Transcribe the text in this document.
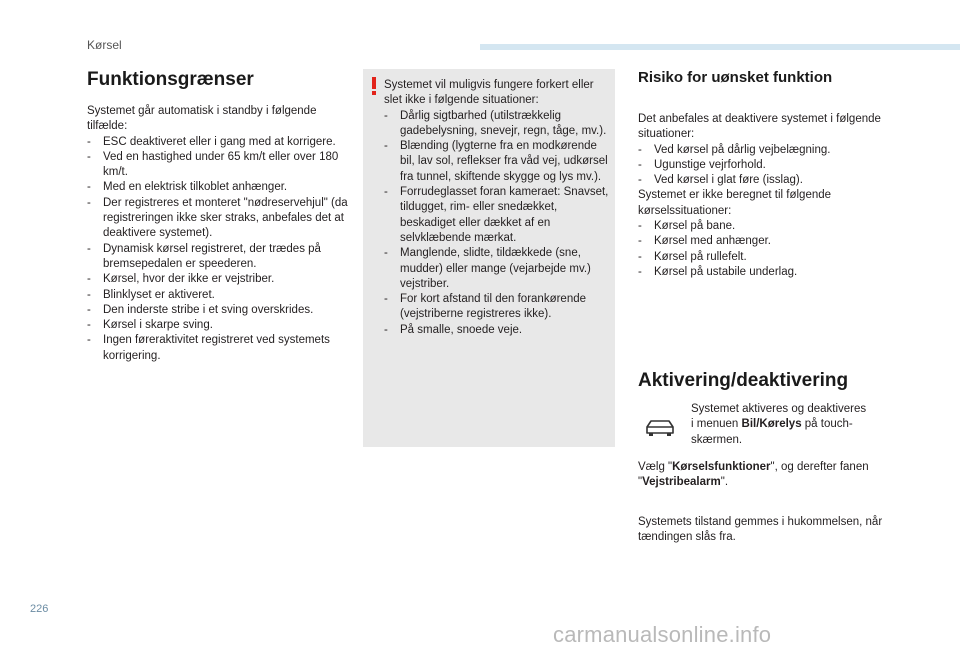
Kørsel
Funktionsgrænser

Systemet går automatisk i standby i følgende tilfælde:

- ESC deaktiveret eller i gang med at korrigere.
- Ved en hastighed under 65 km/t eller over 180 km/t.
- Med en elektrisk tilkoblet anhænger.
- Der registreres et monteret "nødreservehjul" (da registreringen ikke sker straks, anbefales det at deaktivere systemet).
- Dynamisk kørsel registreret, der trædes på bremsepedalen er speederen.
- Kørsel, hvor der ikke er vejstriber.
- Blinklyset er aktiveret.
- Den inderste stribe i et sving overskrides.
- Kørsel i skarpe sving.
- Ingen føreraktivitet registreret ved systemets korrigering.

Systemet vil muligvis fungere forkert eller slet ikke i følgende situationer:

- Dårlig sigtbarhed (utilstrækkelig gadebelysning, snevejr, regn, tåge, mv.).
- Blænding (lygterne fra en modkørende bil, lav sol, reflekser fra våd vej, udkørsel fra tunnel, skiftende skygge og lys mv.).
- Forrudeglasset foran kameraet: Snavset, tildugget, rim- eller snedækket, beskadiget eller dækket af en selvklæbende mærkat.
- Manglende, slidte, tildækkede (sne, mudder) eller mange (vejarbejde mv.) vejstriber.
- For kort afstand til den forankørende (vejstriberne registreres ikke).
- På smalle, snoede veje.
Risiko for uønsket funktion

Det anbefales at deaktivere systemet i følgende situationer:

- Ved kørsel på dårlig vejbelægning.
- Ugunstige vejrforhold.
- Ved kørsel i glat føre (isslag).

Systemet er ikke beregnet til følgende kørselssituationer:

- Kørsel på bane.
- Kørsel med anhænger.
- Kørsel på rullefelt.
- Kørsel på ustabile underlag.
Aktivering/deaktivering
Systemet aktiveres og deaktiveres i menuen Bil/Kørelys på touch-skærmen.
Vælg "Kørselsfunktioner", og derefter fanen "Vejstribealarm".
Systemets tilstand gemmes i hukommelsen, når tændingen slås fra.
226
carmanualsonline.info
